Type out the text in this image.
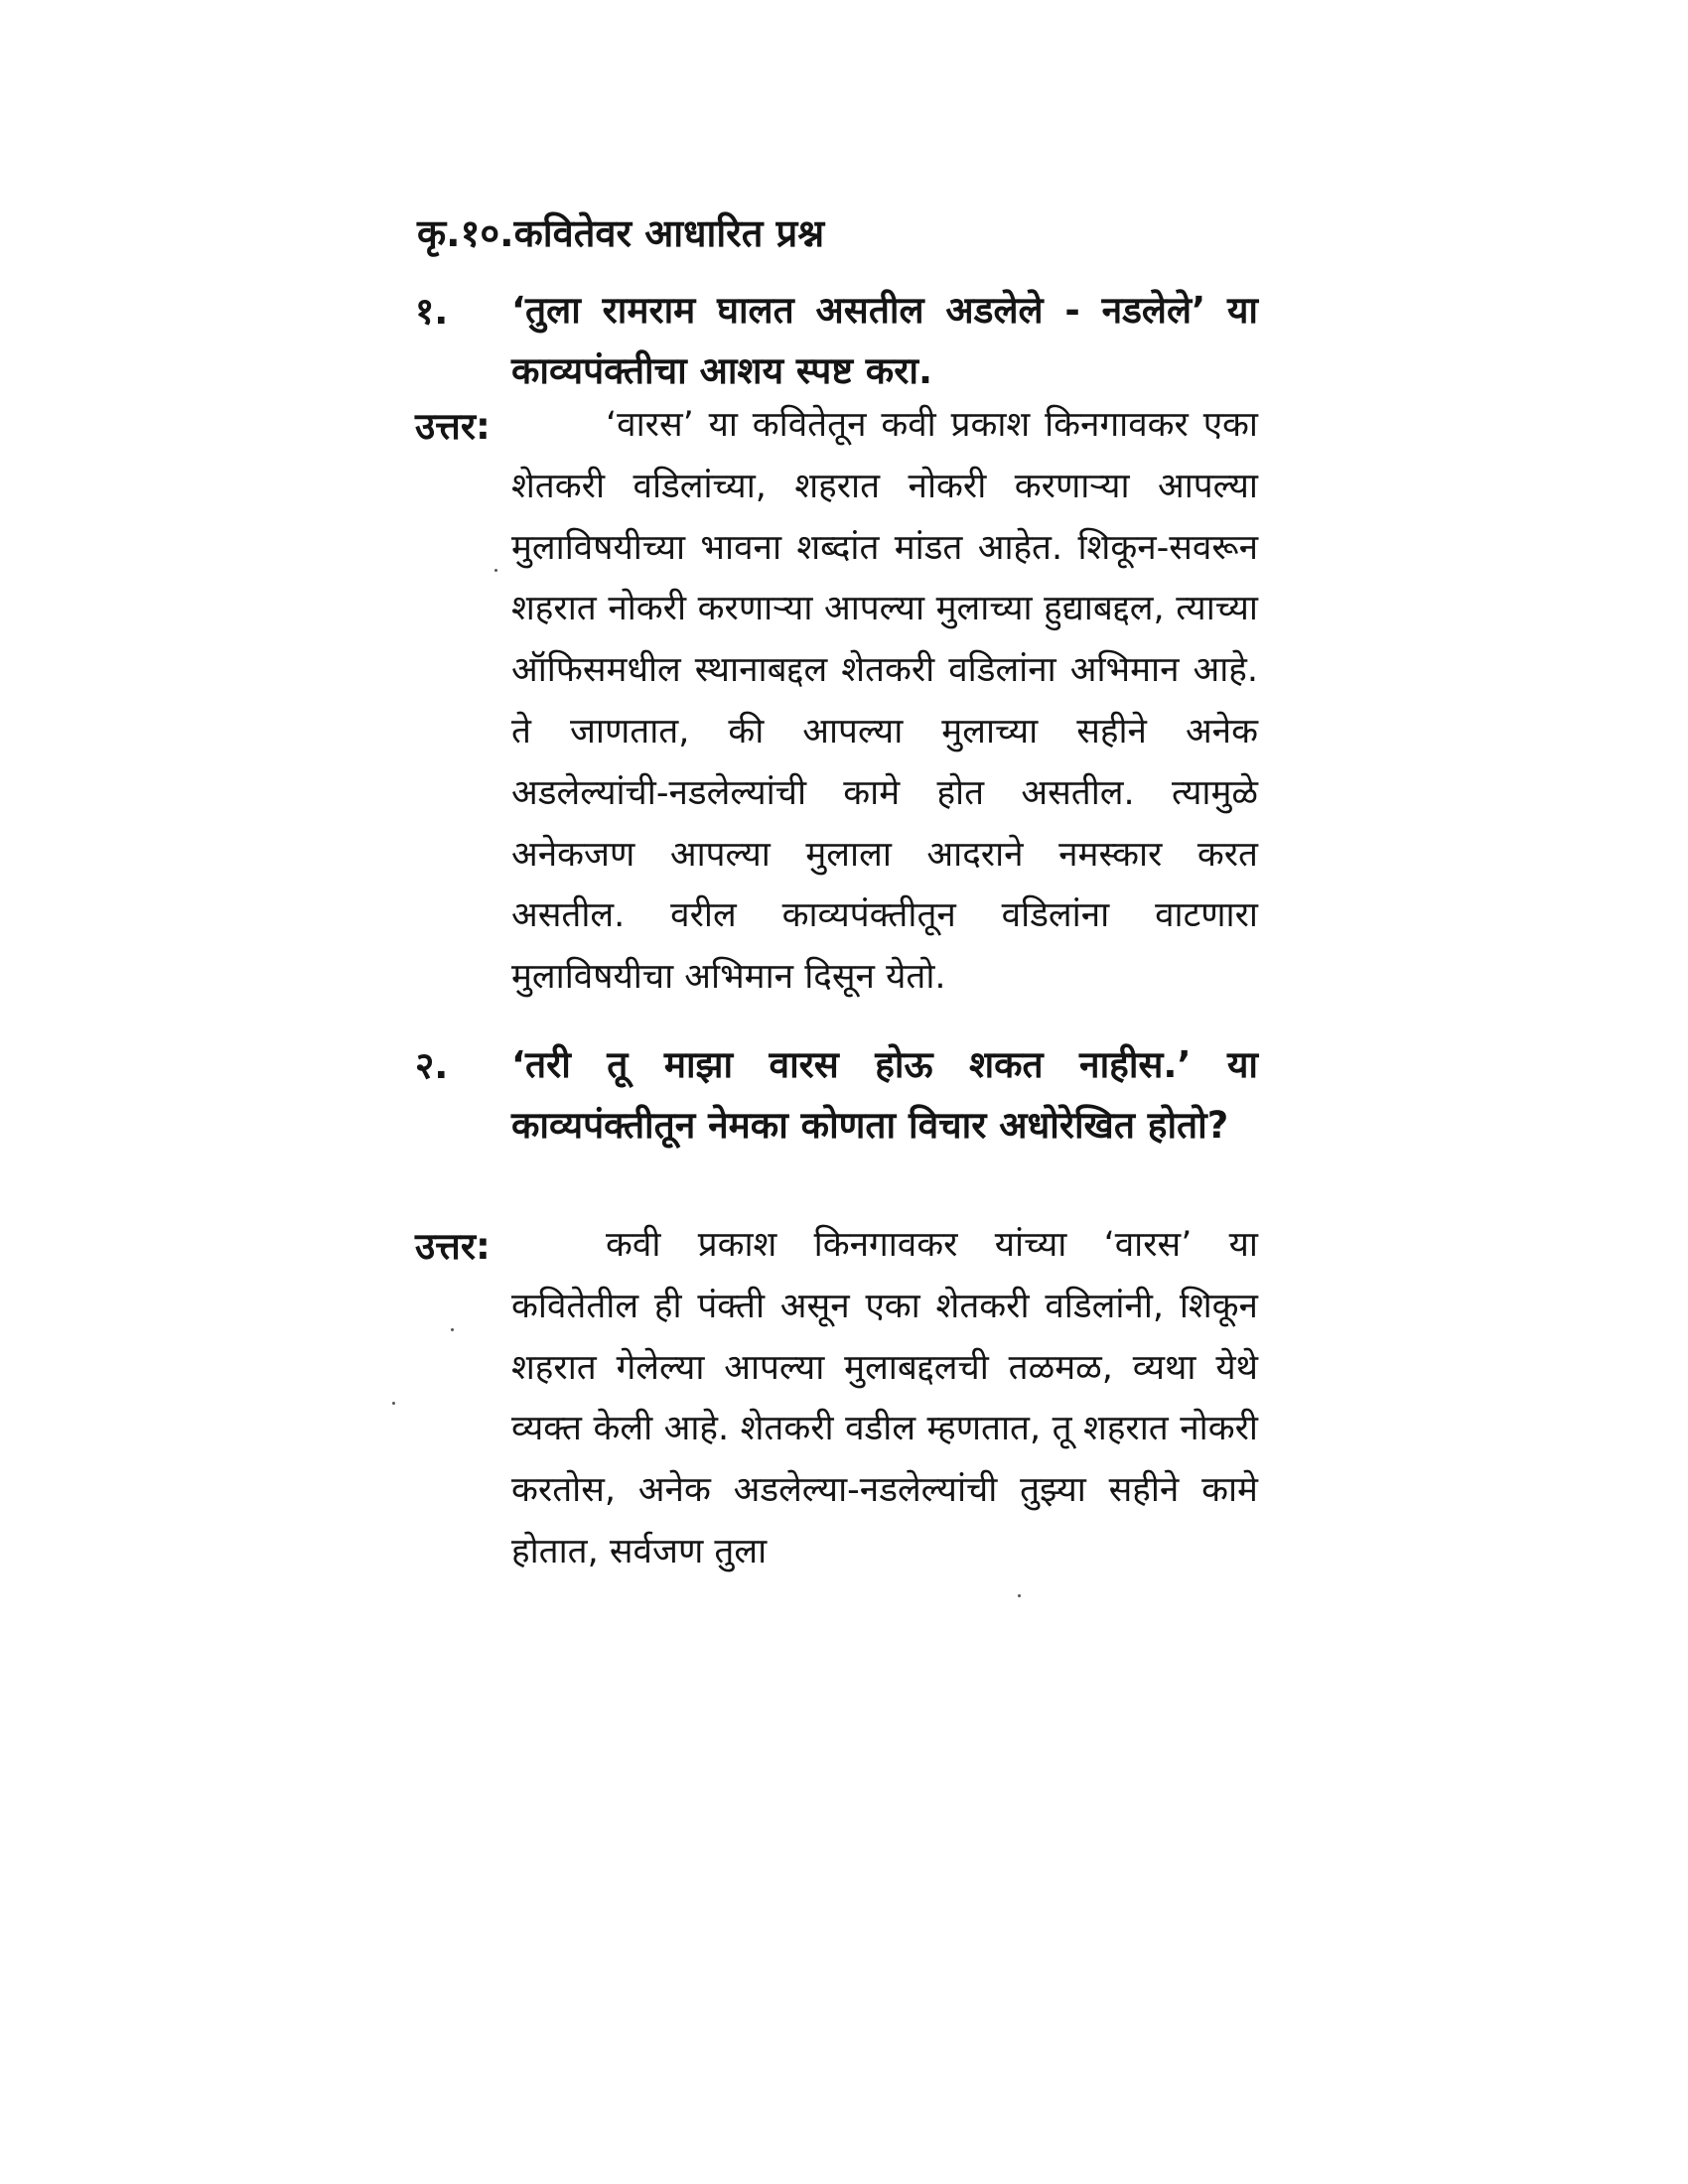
कृ.१०.कवितेवर आधारित प्रश्न
१. ‘तुला रामराम घालत असतील अडलेले - नडलेले’ या काव्यपंक्तीचा आशय स्पष्ट करा.
उत्तर:	‘वारस’ या कवितेतून कवी प्रकाश किनगावकर एका शेतकरी वडिलांच्या, शहरात नोकरी करणाऱ्या आपल्या मुलाविषयीच्या भावना शब्दांत मांडत आहेत. शिकून-सवरून शहरात नोकरी करणाऱ्या आपल्या मुलाच्या हुद्याबद्दल, त्याच्या ऑफिसमधील स्थानाबद्दल शेतकरी वडिलांना अभिमान आहे. ते जाणतात, की आपल्या मुलाच्या सहीने अनेक अडलेल्यांची-नडलेल्यांची कामे होत असतील. त्यामुळे अनेकजण आपल्या मुलाला आदराने नमस्कार करत असतील. वरील काव्यपंक्तीतून वडिलांना वाटणारा मुलाविषयीचा अभिमान दिसून येतो.
२. ‘तरी तू माझा वारस होऊ शकत नाहीस.’ या काव्यपंक्तीतून नेमका कोणता विचार अधोरेखित होतो?
उत्तर:	कवी प्रकाश किनगावकर यांच्या ‘वारस’ या कवितेतील ही पंक्ती असून एका शेतकरी वडिलांनी, शिकून शहरात गेलेल्या आपल्या मुलाबद्दलची तळमळ, व्यथा येथे व्यक्त केली आहे. शेतकरी वडील म्हणतात, तू शहरात नोकरी करतोस, अनेक अडलेल्या-नडलेल्यांची तुझ्या सहीने कामे होतात, सर्वजण तुला
